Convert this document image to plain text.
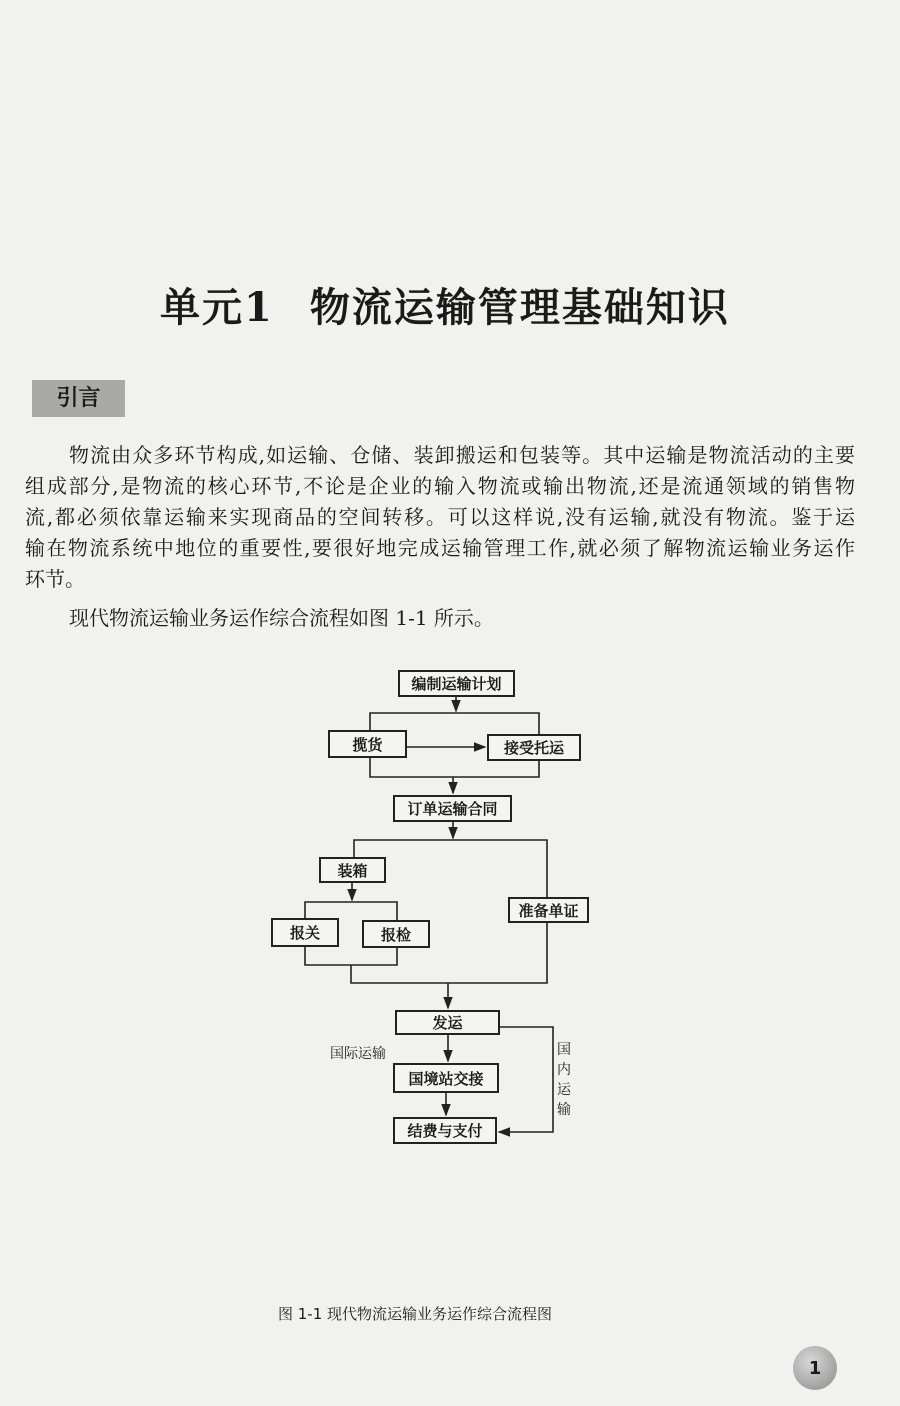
单元1 物流运输管理基础知识
引言
物流由众多环节构成,如运输、仓储、装卸搬运和包装等。其中运输是物流活动的主要
组成部分,是物流的核心环节,不论是企业的输入物流或输出物流,还是流通领域的销售物
流,都必须依靠运输来实现商品的空间转移。可以这样说,没有运输,就没有物流。鉴于运
输在物流系统中地位的重要性,要很好地完成运输管理工作,就必须了解物流运输业务运作
环节。
现代物流运输业务运作综合流程如图 1-1 所示。
编制运输计划
揽货	接受托运
订单运输合同
装箱
报关	报检
准备单证
发运
国境站交接
结费与支付
国际运输	国内运输
图 1-1 现代物流运输业务运作综合流程图
1
